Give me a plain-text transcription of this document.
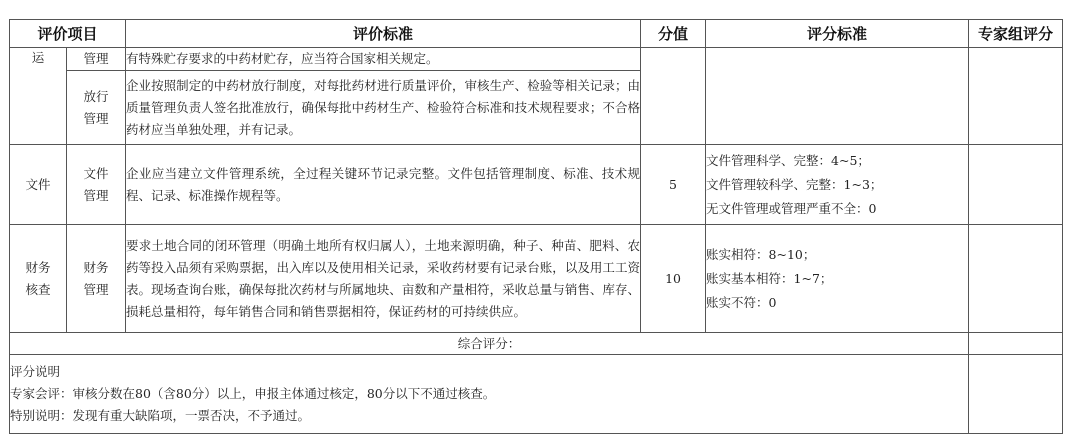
评价项目		评价标准	分值	评分标准	专家组评分
运	管理	有特殊贮存要求的中药材贮存，应当符合国家相关规定。			
	放行管理	企业按照制定的中药材放行制度，对每批药材进行质量评价，审核生产、检验等相关记录；由质量管理负责人签名批准放行，确保每批中药材生产、检验符合标准和技术规程要求；不合格药材应当单独处理，并有记录。			
文件	文件管理	企业应当建立文件管理系统，全过程关键环节记录完整。文件包括管理制度、标准、技术规程、记录、标准操作规程等。	5	文件管理科学、完整：4~5；
文件管理较科学、完整：1~3；
无文件管理或管理严重不全：0	

财务核查	财务管理	要求土地合同的闭环管理（明确土地所有权归属人），土地来源明确，种子、种苗、肥料、农药等投入品须有采购票据，出入库以及使用相关记录，采收药材要有记录台账，以及用工工资表。现场查询台账，确保每批次药材与所属地块、亩数和产量相符，采收总量与销售、库存、损耗总量相符，每年销售合同和销售票据相符，保证药材的可持续供应。	10	账实相符：8~10；
账实基本相符：1~7；
账实不符：0	

综合评分：					

评分说明
专家会评：审核分数在80（含80分）以上，申报主体通过核定，80分以下不通过核查。
特别说明：发现有重大缺陷项，一票否决，不予通过。					
